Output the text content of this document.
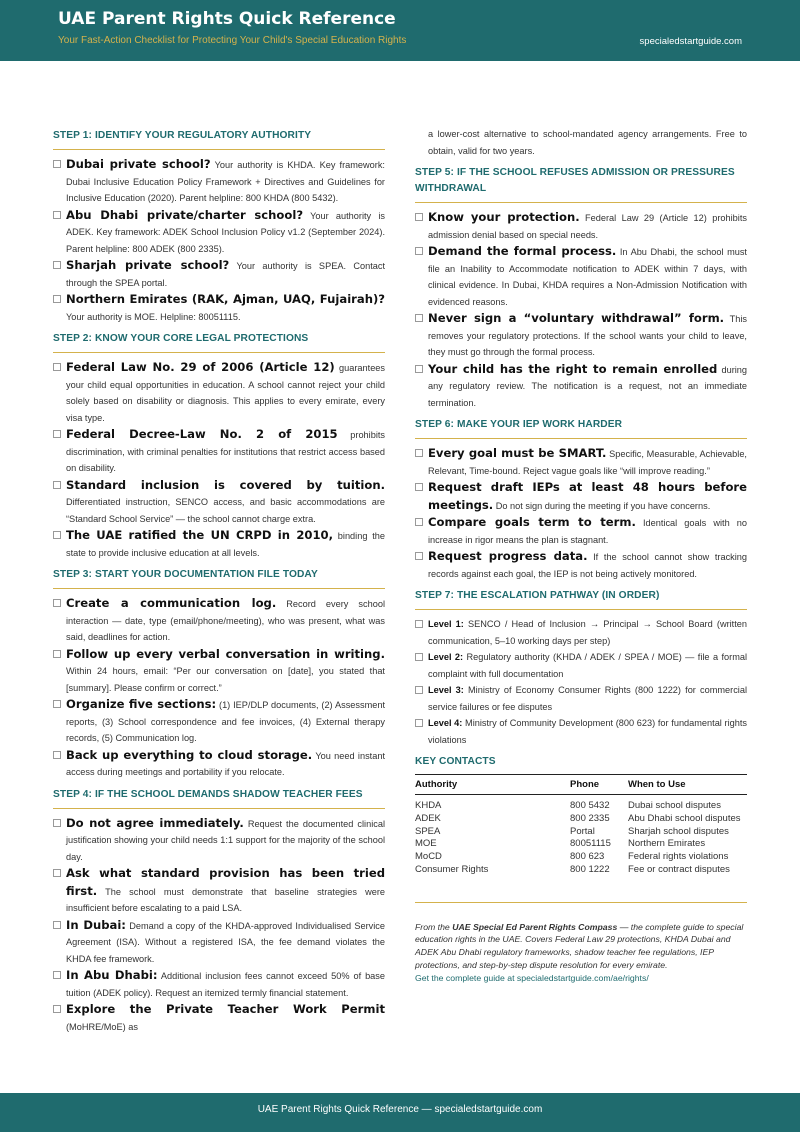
UAE Parent Rights Quick Reference
Your Fast-Action Checklist for Protecting Your Child's Special Education Rights	specialedstartguide.com
STEP 1: IDENTIFY YOUR REGULATORY AUTHORITY
Dubai private school? Your authority is KHDA. Key framework: Dubai Inclusive Education Policy Framework + Directives and Guidelines for Inclusive Education (2020). Parent helpline: 800 KHDA (800 5432).
Abu Dhabi private/charter school? Your authority is ADEK. Key framework: ADEK School Inclusion Policy v1.2 (September 2024). Parent helpline: 800 ADEK (800 2335).
Sharjah private school? Your authority is SPEA. Contact through the SPEA portal.
Northern Emirates (RAK, Ajman, UAQ, Fujairah)? Your authority is MOE. Helpline: 80051115.
STEP 2: KNOW YOUR CORE LEGAL PROTECTIONS
Federal Law No. 29 of 2006 (Article 12) guarantees your child equal opportunities in education. A school cannot reject your child solely based on disability or diagnosis. This applies to every emirate, every visa type.
Federal Decree-Law No. 2 of 2015 prohibits discrimination, with criminal penalties for institutions that restrict access based on disability.
Standard inclusion is covered by tuition. Differentiated instruction, SENCO access, and basic accommodations are “Standard School Service” — the school cannot charge extra.
The UAE ratified the UN CRPD in 2010, binding the state to provide inclusive education at all levels.
STEP 3: START YOUR DOCUMENTATION FILE TODAY
Create a communication log. Record every school interaction — date, type (email/phone/meeting), who was present, what was said, deadlines for action.
Follow up every verbal conversation in writing. Within 24 hours, email: “Per our conversation on [date], you stated that [summary]. Please confirm or correct.”
Organize five sections: (1) IEP/DLP documents, (2) Assessment reports, (3) School correspondence and fee invoices, (4) External therapy records, (5) Communication log.
Back up everything to cloud storage. You need instant access during meetings and portability if you relocate.
STEP 4: IF THE SCHOOL DEMANDS SHADOW TEACHER FEES
Do not agree immediately. Request the documented clinical justification showing your child needs 1:1 support for the majority of the school day.
Ask what standard provision has been tried first. The school must demonstrate that baseline strategies were insufficient before escalating to a paid LSA.
In Dubai: Demand a copy of the KHDA-approved Individualised Service Agreement (ISA). Without a registered ISA, the fee demand violates the KHDA fee framework.
In Abu Dhabi: Additional inclusion fees cannot exceed 50% of base tuition (ADEK policy). Request an itemized termly financial statement.
Explore the Private Teacher Work Permit (MoHRE/MoE) as
a lower-cost alternative to school-mandated agency arrangements. Free to obtain, valid for two years.
STEP 5: IF THE SCHOOL REFUSES ADMISSION OR PRESSURES WITHDRAWAL
Know your protection. Federal Law 29 (Article 12) prohibits admission denial based on special needs.
Demand the formal process. In Abu Dhabi, the school must file an Inability to Accommodate notification to ADEK within 7 days, with clinical evidence. In Dubai, KHDA requires a Non-Admission Notification with evidenced reasons.
Never sign a “voluntary withdrawal” form. This removes your regulatory protections. If the school wants your child to leave, they must go through the formal process.
Your child has the right to remain enrolled during any regulatory review. The notification is a request, not an immediate termination.
STEP 6: MAKE YOUR IEP WORK HARDER
Every goal must be SMART. Specific, Measurable, Achievable, Relevant, Time-bound. Reject vague goals like “will improve reading.”
Request draft IEPs at least 48 hours before meetings. Do not sign during the meeting if you have concerns.
Compare goals term to term. Identical goals with no increase in rigor means the plan is stagnant.
Request progress data. If the school cannot show tracking records against each goal, the IEP is not being actively monitored.
STEP 7: THE ESCALATION PATHWAY (IN ORDER)
Level 1: SENCO / Head of Inclusion → Principal → School Board (written communication, 5–10 working days per step)
Level 2: Regulatory authority (KHDA / ADEK / SPEA / MOE) — file a formal complaint with full documentation
Level 3: Ministry of Economy Consumer Rights (800 1222) for commercial service failures or fee disputes
Level 4: Ministry of Community Development (800 623) for fundamental rights violations
KEY CONTACTS
Authority	Phone	When to Use
KHDA	800 5432	Dubai school disputes
ADEK	800 2335	Abu Dhabi school disputes
SPEA	Portal	Sharjah school disputes
MOE	80051115	Northern Emirates
MoCD	800 623	Federal rights violations
Consumer Rights	800 1222	Fee or contract disputes
From the UAE Special Ed Parent Rights Compass — the complete guide to special education rights in the UAE. Covers Federal Law 29 protections, KHDA Dubai and ADEK Abu Dhabi regulatory frameworks, shadow teacher fee regulations, IEP protections, and step-by-step dispute resolution for every emirate.
Get the complete guide at specialedstartguide.com/ae/rights/
UAE Parent Rights Quick Reference — specialedstartguide.com
